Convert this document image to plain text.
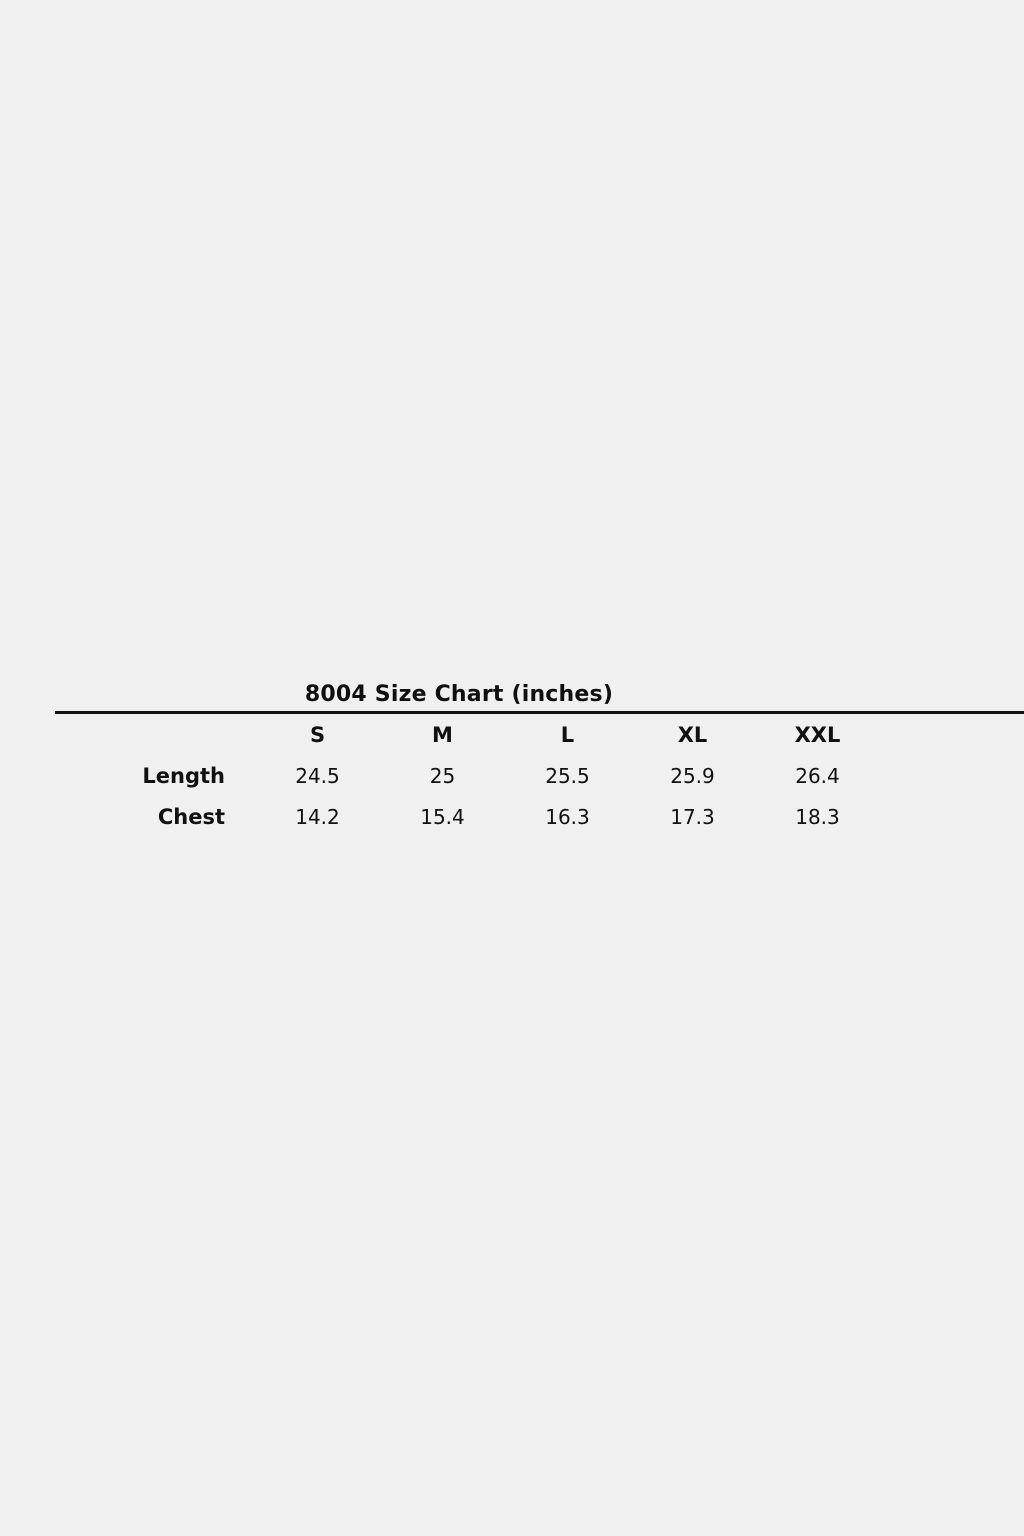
8004 Size Chart (inches)
	S	M	L	XL	XXL	
Length	24.5	25	25.5	25.9	26.4	
Chest	14.2	15.4	16.3	17.3	18.3	
